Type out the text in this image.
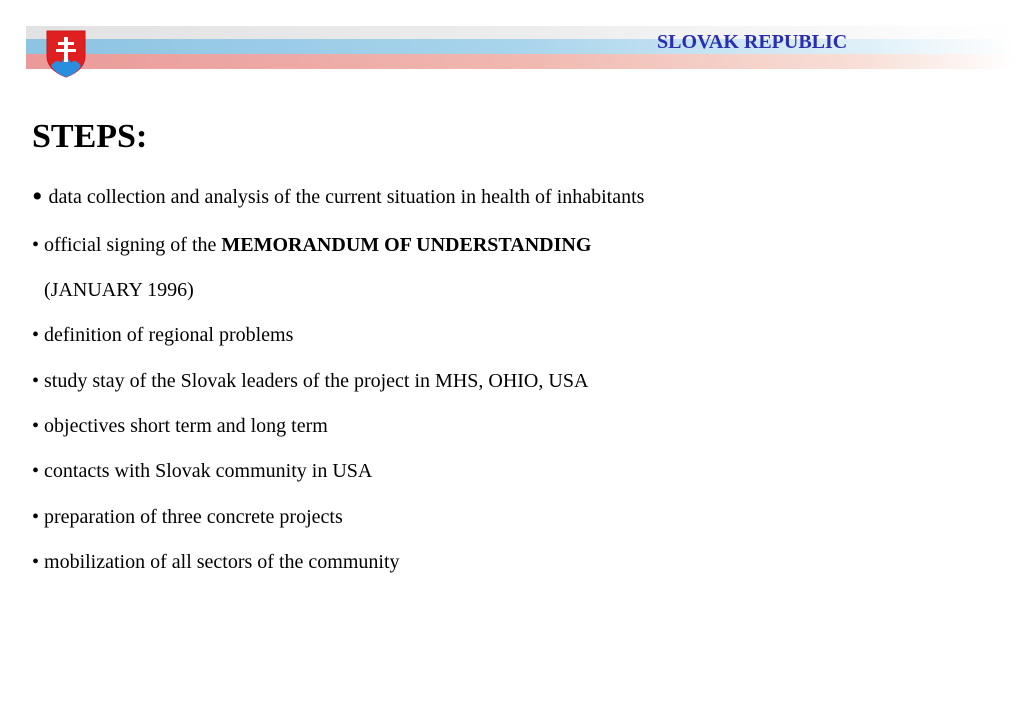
SLOVAK REPUBLIC
STEPS:
• data collection and analysis of the current situation in health of inhabitants
• official signing of the MEMORANDUM OF UNDERSTANDING
(JANUARY 1996)
• definition of regional problems
• study stay of the Slovak leaders of the project in MHS, OHIO, USA
• objectives short term and long term
• contacts with Slovak community in USA
• preparation of three concrete projects
• mobilization of all sectors of the community
